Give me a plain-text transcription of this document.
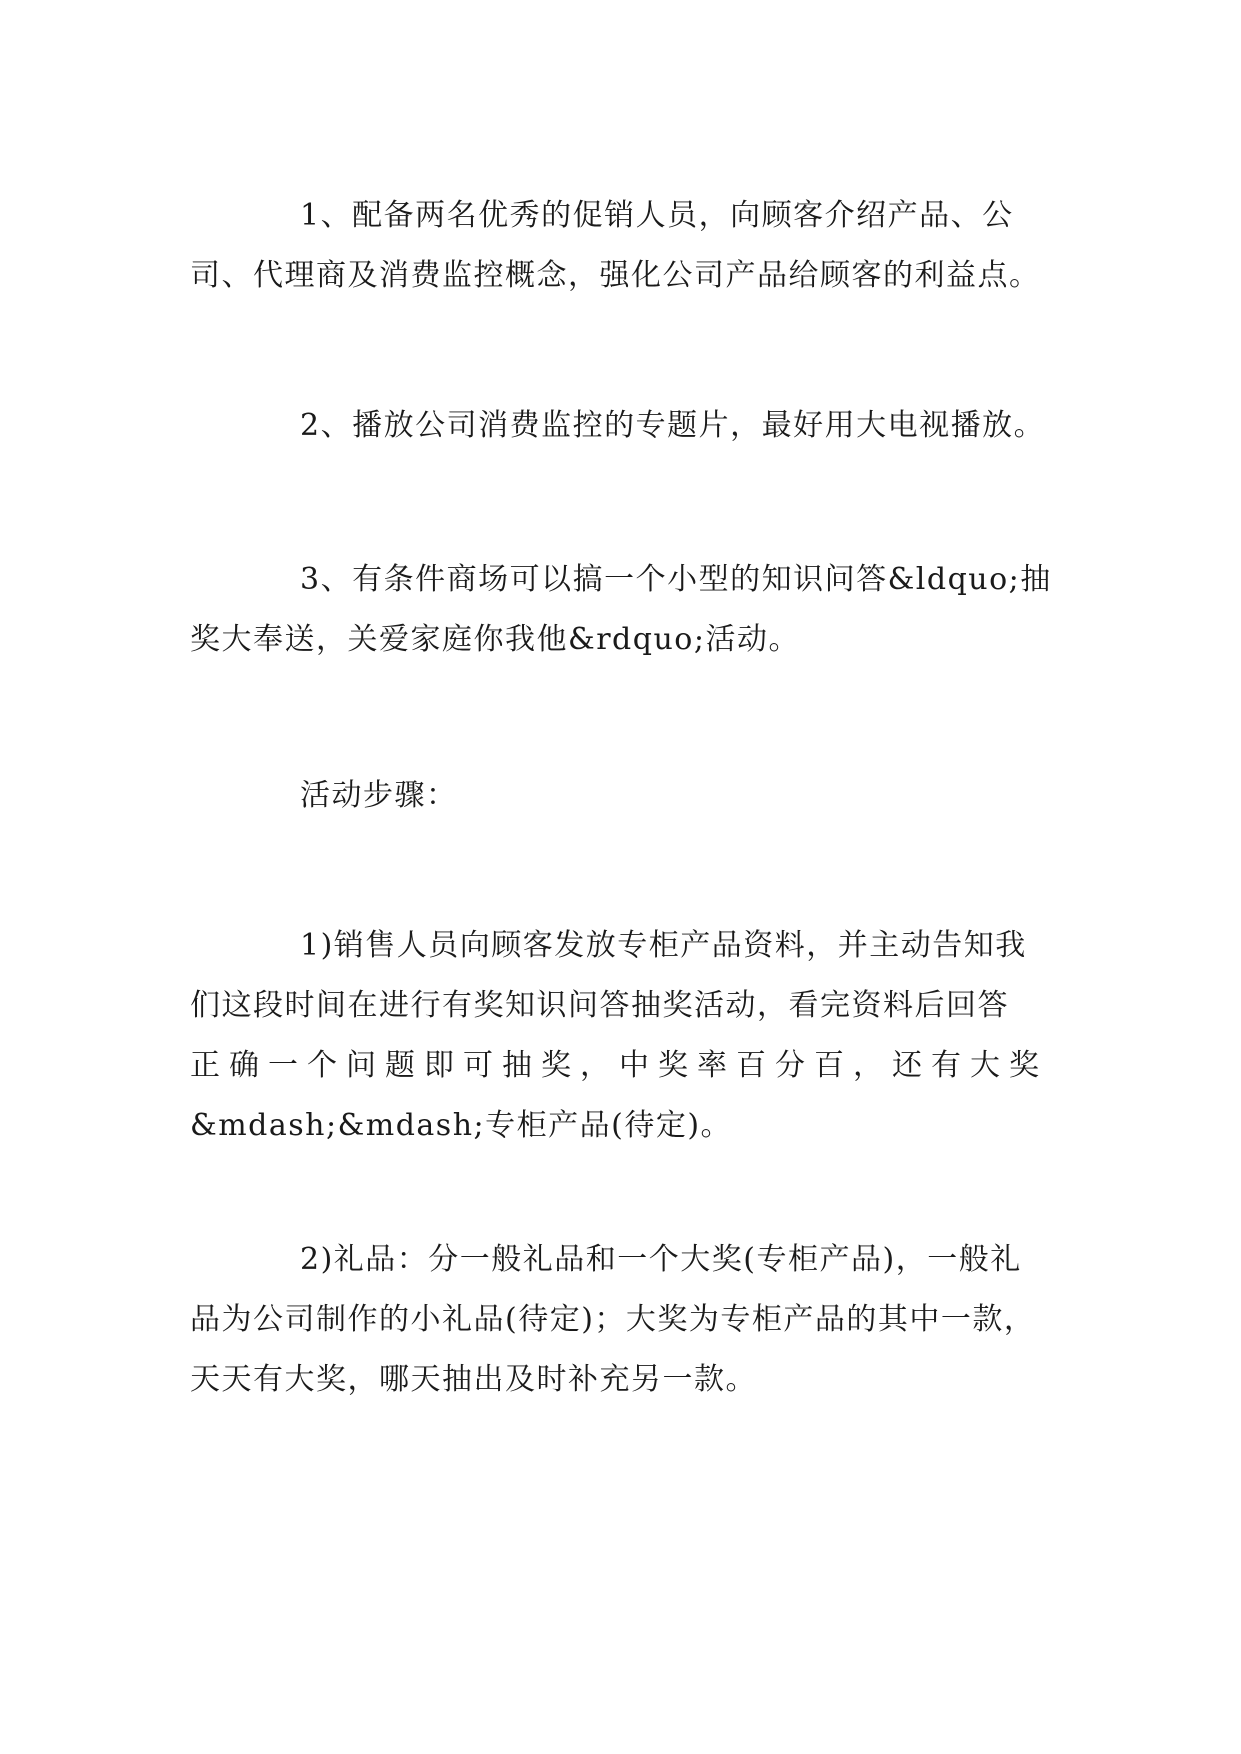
1、配备两名优秀的促销人员，向顾客介绍产品、公
司、代理商及消费监控概念，强化公司产品给顾客的利益点。

2、播放公司消费监控的专题片，最好用大电视播放。

3、有条件商场可以搞一个小型的知识问答&ldquo;抽
奖大奉送，关爱家庭你我他&rdquo;活动。

活动步骤：

1)销售人员向顾客发放专柜产品资料，并主动告知我
们这段时间在进行有奖知识问答抽奖活动，看完资料后回答
正确一个问题即可抽奖，中奖率百分百，还有大奖
&mdash;&mdash;专柜产品(待定)。

2)礼品：分一般礼品和一个大奖(专柜产品)，一般礼
品为公司制作的小礼品(待定)；大奖为专柜产品的其中一款，
天天有大奖，哪天抽出及时补充另一款。
